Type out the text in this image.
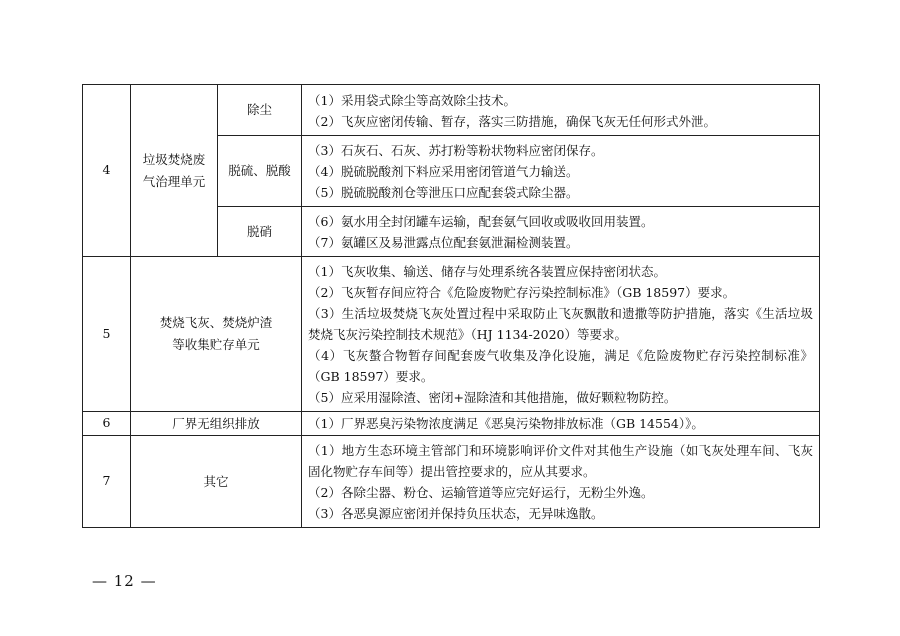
4	垃圾焚烧废气治理单元	除尘	（1）采用袋式除尘等高效除尘技术。
（2）飞灰应密闭传输、暂存，落实三防措施，确保飞灰无任何形式外泄。

		脱硫、脱酸	（3）石灰石、石灰、苏打粉等粉状物料应密闭保存。
（4）脱硫脱酸剂下料应采用密闭管道气力输送。
（5）脱硫脱酸剂仓等泄压口应配套袋式除尘器。

		脱硝	（6）氨水用全封闭罐车运输，配套氨气回收或吸收回用装置。
（7）氨罐区及易泄露点位配套氨泄漏检测装置。

5	焚烧飞灰、焚烧炉渣等收集贮存单元		（1）飞灰收集、输送、储存与处理系统各装置应保持密闭状态。
（2）飞灰暂存间应符合《危险废物贮存污染控制标准》（GB 18597）要求。
（3）生活垃圾焚烧飞灰处置过程中采取防止飞灰飘散和遗撒等防护措施，落实《生活垃圾焚烧飞灰污染控制技术规范》（HJ 1134-2020）等要求。
（4）飞灰螯合物暂存间配套废气收集及净化设施，满足《危险废物贮存污染控制标准》（GB 18597）要求。
（5）应采用湿除渣、密闭+湿除渣和其他措施，做好颗粒物防控。

6	厂界无组织排放		（1）厂界恶臭污染物浓度满足《恶臭污染物排放标准（GB 14554）》。

7	其它		（1）地方生态环境主管部门和环境影响评价文件对其他生产设施（如飞灰处理车间、飞灰固化物贮存车间等）提出管控要求的，应从其要求。
（2）各除尘器、粉仓、运输管道等应完好运行，无粉尘外逸。
（3）各恶臭源应密闭并保持负压状态，无异味逸散。
— 12 —
